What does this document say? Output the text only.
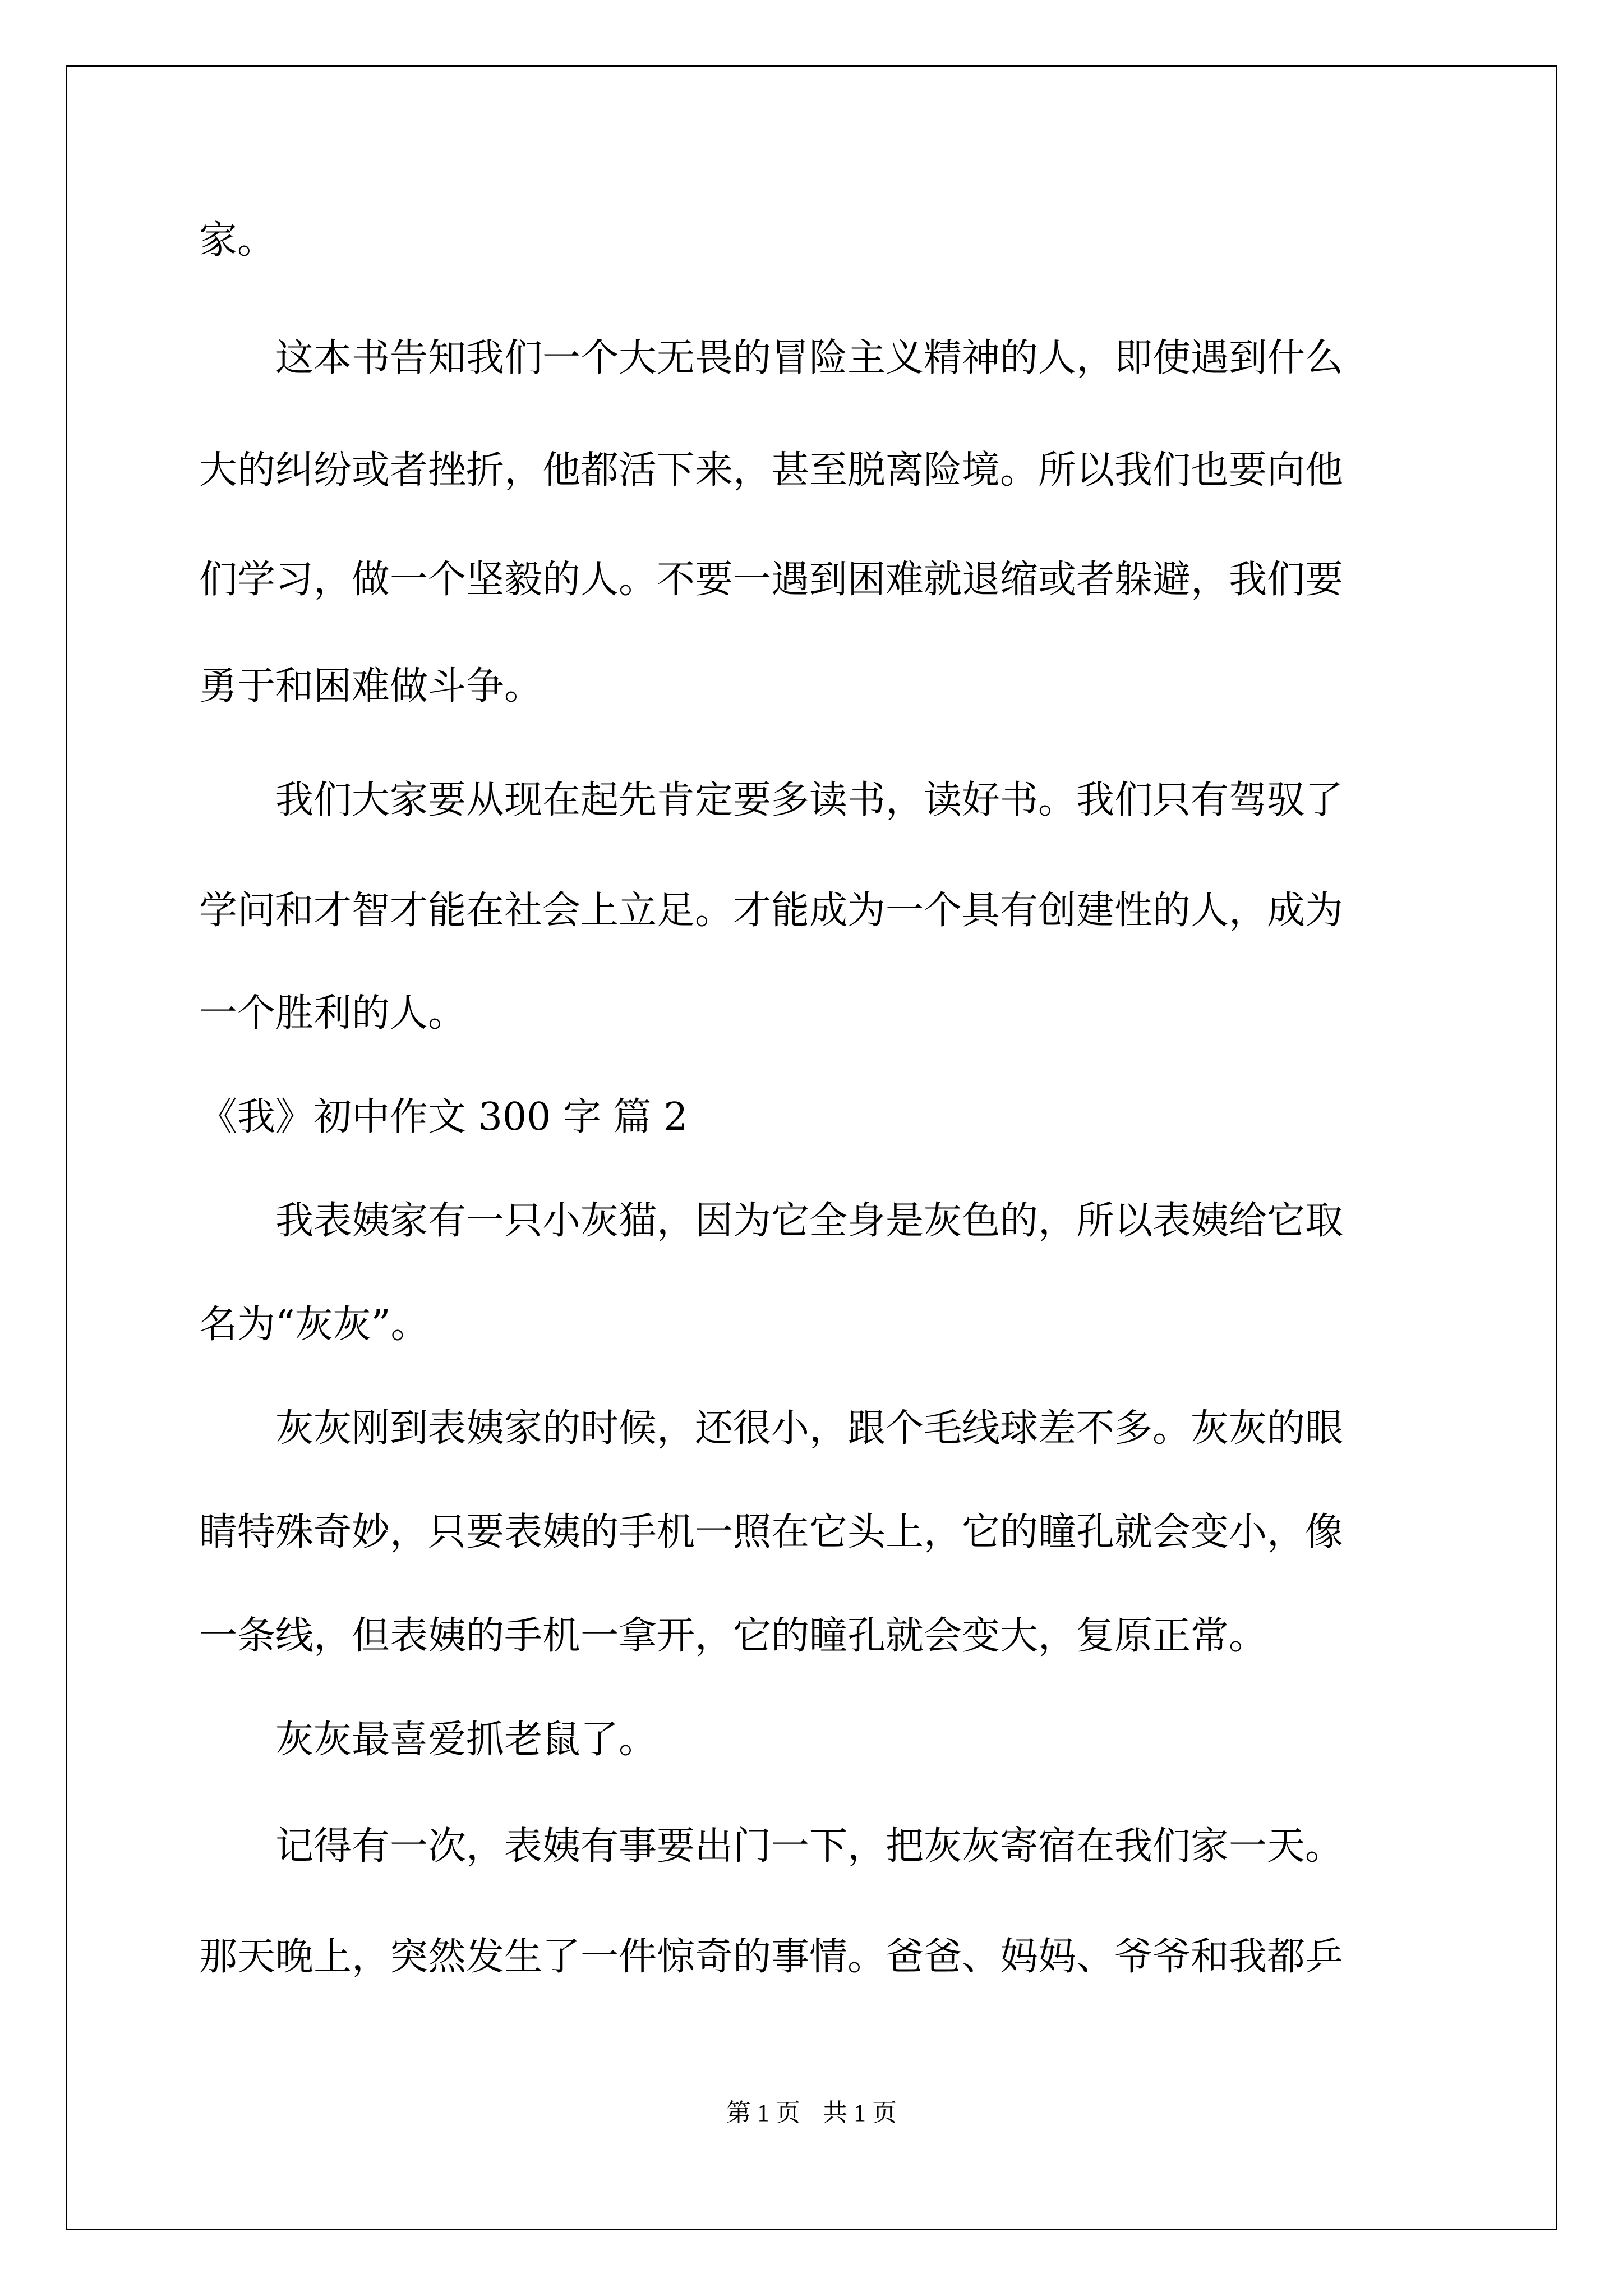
家。
　　这本书告知我们一个大无畏的冒险主义精神的人，即使遇到什么
大的纠纷或者挫折，他都活下来，甚至脱离险境。所以我们也要向他
们学习，做一个坚毅的人。不要一遇到困难就退缩或者躲避，我们要
勇于和困难做斗争。
　　我们大家要从现在起先肯定要多读书，读好书。我们只有驾驭了
学问和才智才能在社会上立足。才能成为一个具有创建性的人，成为
一个胜利的人。
《我》初中作文 300 字 篇 2
　　我表姨家有一只小灰猫，因为它全身是灰色的，所以表姨给它取
名为“灰灰”。
　　灰灰刚到表姨家的时候，还很小，跟个毛线球差不多。灰灰的眼
睛特殊奇妙，只要表姨的手机一照在它头上，它的瞳孔就会变小，像
一条线，但表姨的手机一拿开，它的瞳孔就会变大，复原正常。
　　灰灰最喜爱抓老鼠了。
　　记得有一次，表姨有事要出门一下，把灰灰寄宿在我们家一天。
那天晚上，突然发生了一件惊奇的事情。爸爸、妈妈、爷爷和我都乒
第 1 页 共 1 页
